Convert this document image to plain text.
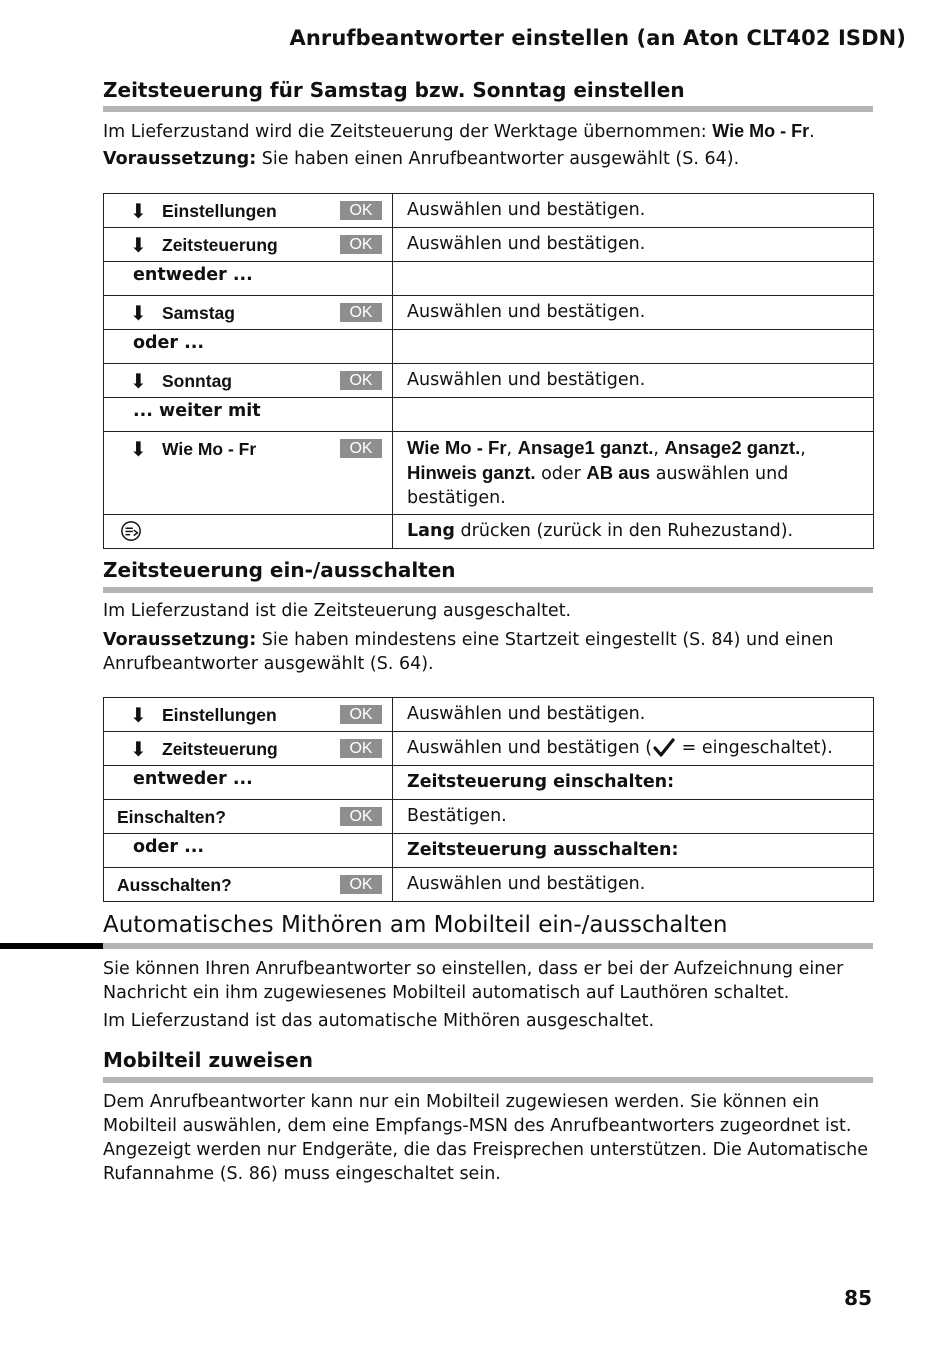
Anrufbeantworter einstellen (an Aton CLT402 ISDN)
Zeitsteuerung für Samstag bzw. Sonntag einstellen
Im Lieferzustand wird die Zeitsteuerung der Werktage übernommen: Wie Mo - Fr.
Voraussetzung: Sie haben einen Anrufbeantworter ausgewählt (S. 64).
⬇ Einstellungen OK	Auswählen und bestätigen.

⬇ Zeitsteuerung OK	Auswählen und bestätigen.

entweder ...	

⬇ Samstag OK	Auswählen und bestätigen.

oder ...	

⬇ Sonntag OK	Auswählen und bestätigen.

... weiter mit	

⬇ Wie Mo - Fr OK	Wie Mo - Fr, Ansage1 ganzt., Ansage2 ganzt., Hinweis ganzt. oder AB aus auswählen und bestätigen.

	Lang drücken (zurück in den Ruhezustand).
Zeitsteuerung ein-/ausschalten
Im Lieferzustand ist die Zeitsteuerung ausgeschaltet.
Voraussetzung: Sie haben mindestens eine Startzeit eingestellt (S. 84) und einen Anrufbeantworter ausgewählt (S. 64).
⬇ Einstellungen OK	Auswählen und bestätigen.

⬇ Zeitsteuerung OK	Auswählen und bestätigen ( = eingeschaltet).

entweder ...	Zeitsteuerung einschalten:

Einschalten? OK	Bestätigen.

oder ...	Zeitsteuerung ausschalten:

Ausschalten? OK	Auswählen und bestätigen.
Automatisches Mithören am Mobilteil ein-/ausschalten
Sie können Ihren Anrufbeantworter so einstellen, dass er bei der Aufzeichnung einer Nachricht ein ihm zugewiesenes Mobilteil automatisch auf Lauthören schaltet.
Im Lieferzustand ist das automatische Mithören ausgeschaltet.
Mobilteil zuweisen
Dem Anrufbeantworter kann nur ein Mobilteil zugewiesen werden. Sie können ein Mobilteil auswählen, dem eine Empfangs-MSN des Anrufbeantworters zugeordnet ist. Angezeigt werden nur Endgeräte, die das Freisprechen unterstützen. Die Automatische Rufannahme (S. 86) muss eingeschaltet sein.
85
